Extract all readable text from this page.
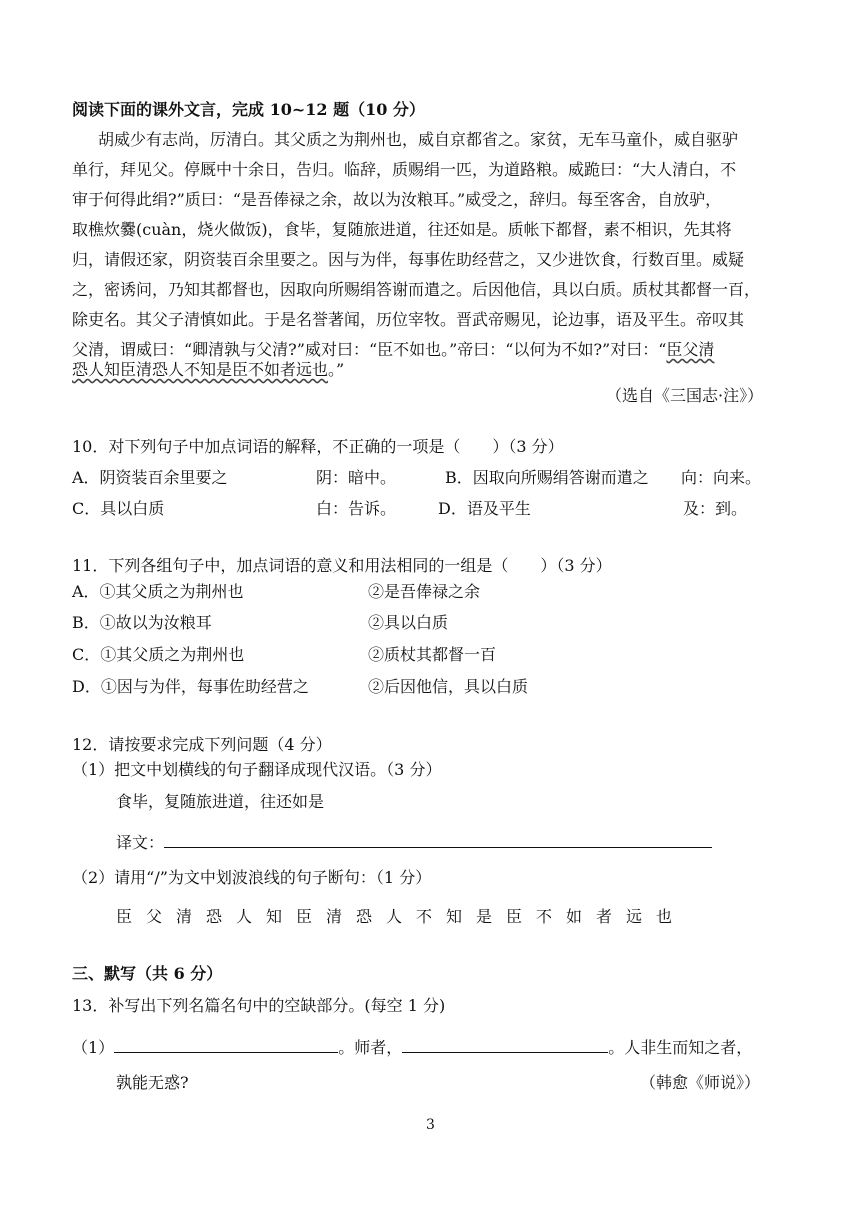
阅读下面的课外文言，完成 10~12 题（10 分）
胡威少有志尚，厉清白。其父质之为荆州也，威自京都省之。家贫，无车马童仆，威自驱驴
单行，拜见父。停厩中十余日，告归。临辞，质赐绢一匹，为道路粮。威跪曰：“大人清白，不
审于何得此绢?”质曰：“是吾俸禄之余，故以为汝粮耳。”威受之，辞归。每至客舍，自放驴，
取樵炊爨(cuàn，烧火做饭)，食毕，复随旅进道，往还如是。质帐下都督，素不相识，先其将
归，请假还家，阴资装百余里要之。因与为伴，每事佐助经营之，又少进饮食，行数百里。威疑
之，密诱问，乃知其都督也，因取向所赐绢答谢而遣之。后因他信，具以白质。质杖其都督一百，
除吏名。其父子清慎如此。于是名誉著闻，历位宰牧。晋武帝赐见，论边事，语及平生。帝叹其
父清，谓威曰：“卿清孰与父清?”威对曰：“臣不如也。”帝曰：“以何为不如?”对曰：“臣父清
恐人知臣清恐人不知是臣不如者远也。”
（选自《三国志·注》）
10．对下列句子中加点词语的解释，不正确的一项是（　　）（3 分）
A．阴资装百余里要之	阴：暗中。	B．因取向所赐绢答谢而遣之 向：向来。
C．具以白质	白：告诉。	D．语及平生	及：到。
11．下列各组句子中，加点词语的意义和用法相同的一组是（　　）（3 分）
A．①其父质之为荆州也	②是吾俸禄之余
B．①故以为汝粮耳	②具以白质
C．①其父质之为荆州也	②质杖其都督一百
D．①因与为伴，每事佐助经营之	②后因他信，具以白质
12．请按要求完成下列问题（4 分）
（1）把文中划横线的句子翻译成现代汉语。（3 分）
食毕，复随旅进道，往还如是
译文：
（2）请用“/”为文中划波浪线的句子断句：（1 分）
臣父清恐人知臣清恐人不知是臣不如者远也
三、默写（共 6 分）
13．补写出下列名篇名句中的空缺部分。(每空 1 分)
（1）	。师者，	。人非生而知之者，
孰能无惑?	（韩愈《师说》）
3
